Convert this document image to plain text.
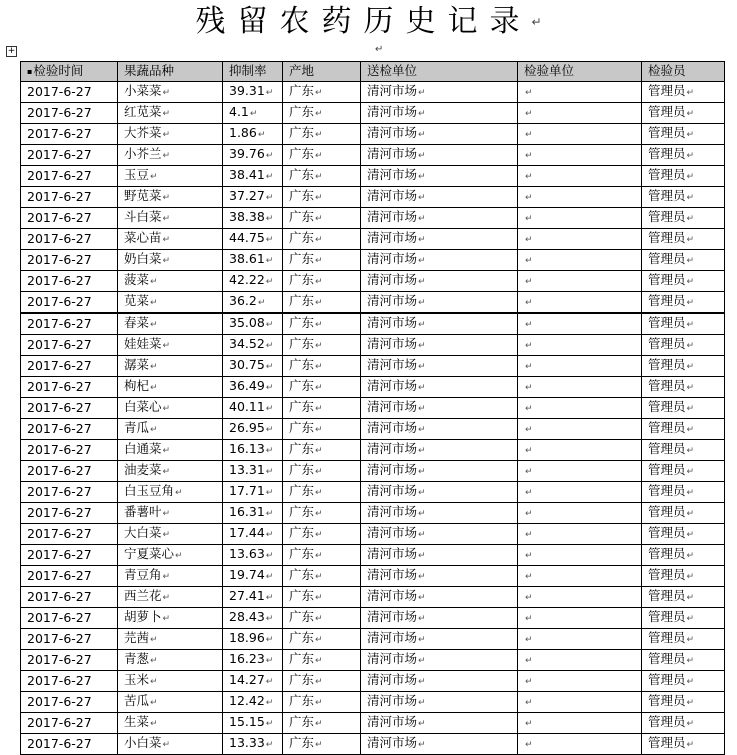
残留农药历史记录↵
+	↵
▪检验时间	果蔬品种	抑制率	产地	送检单位	检验单位	检验员
2017-6-27	小菜菜↵	39.31↵	广东↵	清河市场↵	↵	管理员↵
2017-6-27	红苋菜↵	4.1↵	广东↵	清河市场↵	↵	管理员↵
2017-6-27	大芥菜↵	1.86↵	广东↵	清河市场↵	↵	管理员↵
2017-6-27	小芥兰↵	39.76↵	广东↵	清河市场↵	↵	管理员↵
2017-6-27	玉豆↵	38.41↵	广东↵	清河市场↵	↵	管理员↵
2017-6-27	野苋菜↵	37.27↵	广东↵	清河市场↵	↵	管理员↵
2017-6-27	斗白菜↵	38.38↵	广东↵	清河市场↵	↵	管理员↵
2017-6-27	菜心苗↵	44.75↵	广东↵	清河市场↵	↵	管理员↵
2017-6-27	奶白菜↵	38.61↵	广东↵	清河市场↵	↵	管理员↵
2017-6-27	菠菜↵	42.22↵	广东↵	清河市场↵	↵	管理员↵
2017-6-27	苋菜↵	36.2↵	广东↵	清河市场↵	↵	管理员↵
2017-6-27	春菜↵	35.08↵	广东↵	清河市场↵	↵	管理员↵
2017-6-27	娃娃菜↵	34.52↵	广东↵	清河市场↵	↵	管理员↵
2017-6-27	潺菜↵	30.75↵	广东↵	清河市场↵	↵	管理员↵
2017-6-27	枸杞↵	36.49↵	广东↵	清河市场↵	↵	管理员↵
2017-6-27	白菜心↵	40.11↵	广东↵	清河市场↵	↵	管理员↵
2017-6-27	青瓜↵	26.95↵	广东↵	清河市场↵	↵	管理员↵
2017-6-27	白通菜↵	16.13↵	广东↵	清河市场↵	↵	管理员↵
2017-6-27	油麦菜↵	13.31↵	广东↵	清河市场↵	↵	管理员↵
2017-6-27	白玉豆角↵	17.71↵	广东↵	清河市场↵	↵	管理员↵
2017-6-27	番薯叶↵	16.31↵	广东↵	清河市场↵	↵	管理员↵
2017-6-27	大白菜↵	17.44↵	广东↵	清河市场↵	↵	管理员↵
2017-6-27	宁夏菜心↵	13.63↵	广东↵	清河市场↵	↵	管理员↵
2017-6-27	青豆角↵	19.74↵	广东↵	清河市场↵	↵	管理员↵
2017-6-27	西兰花↵	27.41↵	广东↵	清河市场↵	↵	管理员↵
2017-6-27	胡萝卜↵	28.43↵	广东↵	清河市场↵	↵	管理员↵
2017-6-27	芫茜↵	18.96↵	广东↵	清河市场↵	↵	管理员↵
2017-6-27	青葱↵	16.23↵	广东↵	清河市场↵	↵	管理员↵
2017-6-27	玉米↵	14.27↵	广东↵	清河市场↵	↵	管理员↵
2017-6-27	苦瓜↵	12.42↵	广东↵	清河市场↵	↵	管理员↵
2017-6-27	生菜↵	15.15↵	广东↵	清河市场↵	↵	管理员↵
2017-6-27	小白菜↵	13.33↵	广东↵	清河市场↵	↵	管理员↵
